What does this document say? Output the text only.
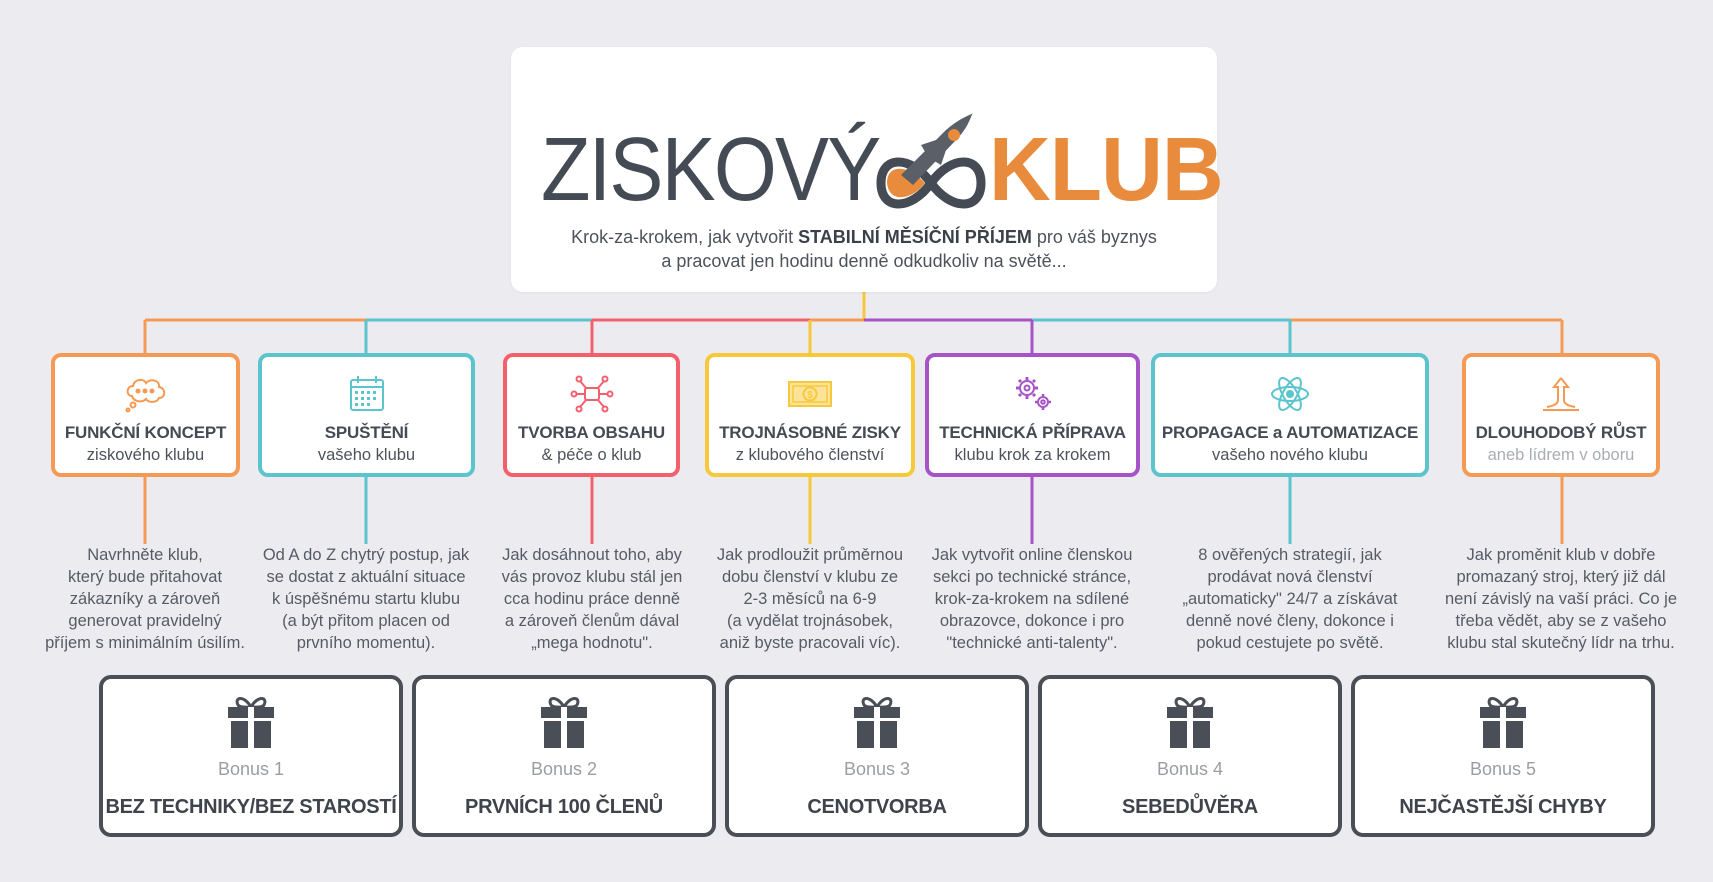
ZISKOVÝ KLUB
Krok-za-krokem, jak vytvořit STABILNÍ MĚSÍČNÍ PŘÍJEM pro váš byznys
a pracovat jen hodinu denně odkudkoliv na světě...
FUNKČNÍ KONCEPT
ziskového klubu
SPUŠTĚNÍ
vašeho klubu
TVORBA OBSAHU
& péče o klub
$
TROJNÁSOBNÉ ZISKY
z klubového členství
TECHNICKÁ PŘÍPRAVA
klubu krok za krokem
PROPAGACE a AUTOMATIZACE
vašeho nového klubu
DLOUHODOBÝ RŮST
aneb lídrem v oboru
Navrhněte klub,
který bude přitahovat
zákazníky a zároveň
generovat pravidelný
příjem s minimálním úsilím.
Od A do Z chytrý postup, jak
se dostat z aktuální situace
k úspěšnému startu klubu
(a být přitom placen od
prvního momentu).
Jak dosáhnout toho, aby
vás provoz klubu stál jen
cca hodinu práce denně
a zároveň členům dával
„mega hodnotu".
Jak prodloužit průměrnou
dobu členství v klubu ze
2-3 měsíců na 6-9
(a vydělat trojnásobek,
aniž byste pracovali víc).
Jak vytvořit online členskou
sekci po technické stránce,
krok-za-krokem na sdílené
obrazovce, dokonce i pro
"technické anti-talenty".
8 ověřených strategií, jak
prodávat nová členství
„automaticky" 24/7 a získávat
denně nové členy, dokonce i
pokud cestujete po světě.
Jak proměnit klub v dobře
promazaný stroj, který již dál
není závislý na vaší práci. Co je
třeba vědět, aby se z vašeho
klubu stal skutečný lídr na trhu.
Bonus 1
BEZ TECHNIKY/BEZ STAROSTÍ
Bonus 2
PRVNÍCH 100 ČLENŮ
Bonus 3
CENOTVORBA
Bonus 4
SEBEDŮVĚRA
Bonus 5
NEJČASTĚJŠÍ CHYBY
